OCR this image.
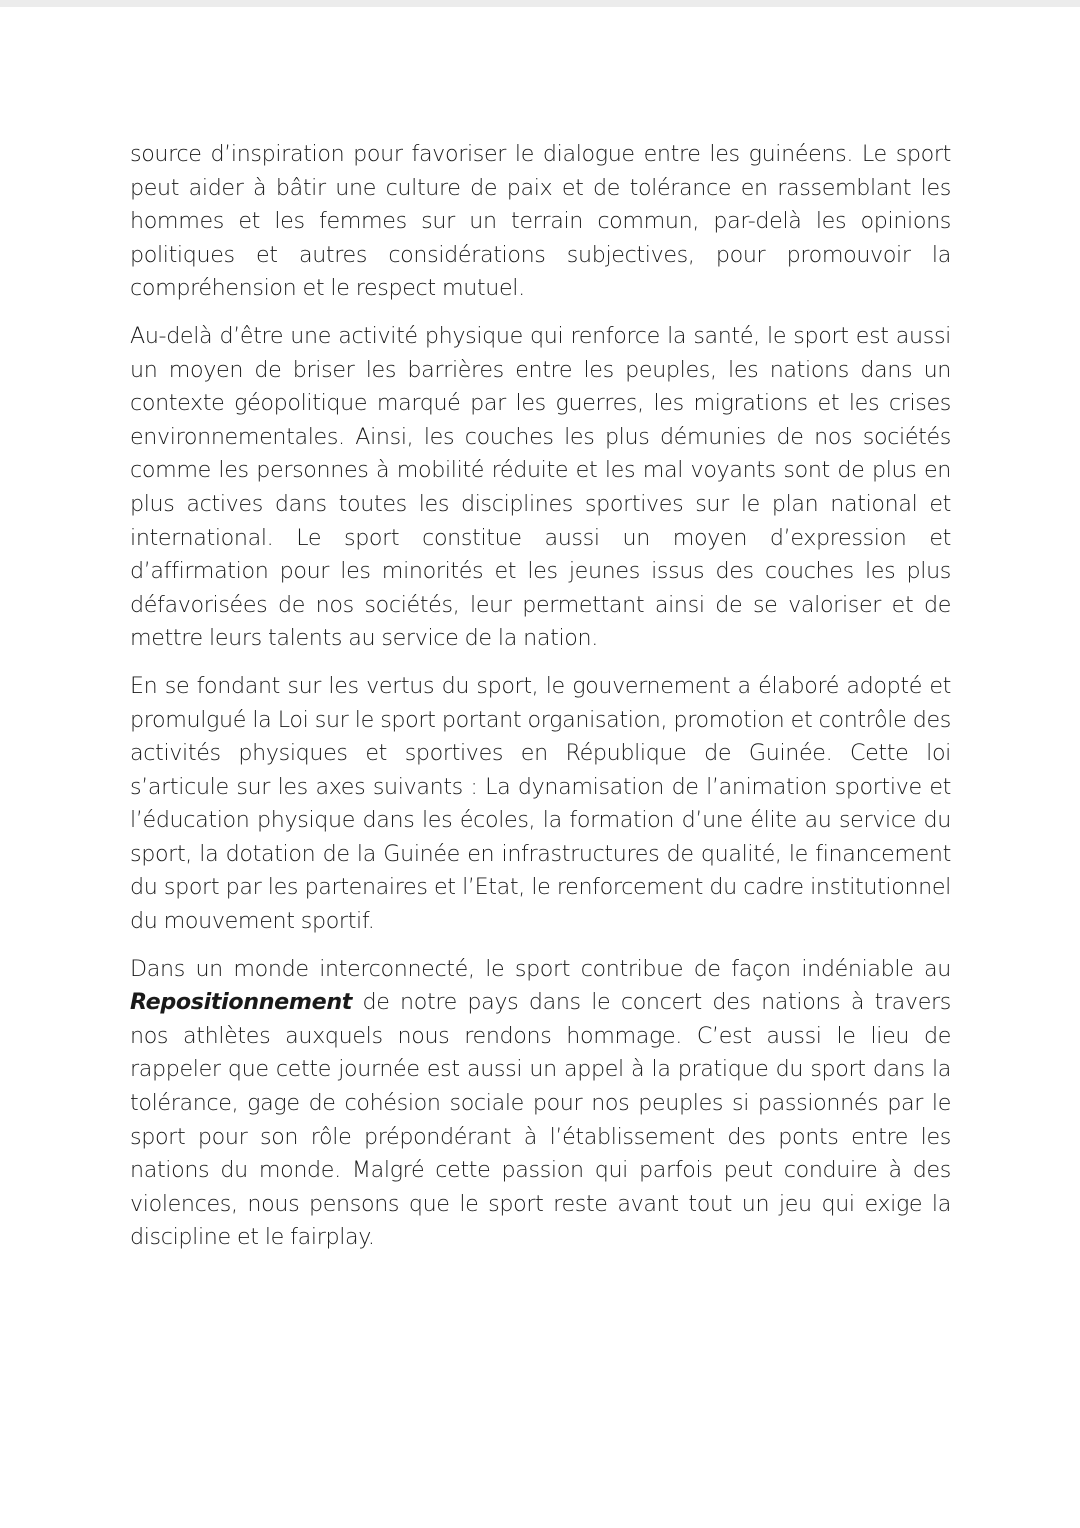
source d’inspiration pour favoriser le dialogue entre les guinéens. Le sport peut aider à bâtir une culture de paix et de tolérance en rassemblant les hommes et les femmes sur un terrain commun, par-delà les opinions politiques et autres considérations subjectives, pour promouvoir la compréhension et le respect mutuel.

Au-delà d’être une activité physique qui renforce la santé, le sport est aussi un moyen de briser les barrières entre les peuples, les nations dans un contexte géopolitique marqué par les guerres, les migrations et les crises environnementales. Ainsi, les couches les plus démunies de nos sociétés comme les personnes à mobilité réduite et les mal voyants sont de plus en plus actives dans toutes les disciplines sportives sur le plan national et international. Le sport constitue aussi un moyen d’expression et d’affirmation pour les minorités et les jeunes issus des couches les plus défavorisées de nos sociétés, leur permettant ainsi de se valoriser et de mettre leurs talents au service de la nation.

En se fondant sur les vertus du sport, le gouvernement a élaboré adopté et promulgué la Loi sur le sport portant organisation, promotion et contrôle des activités physiques et sportives en République de Guinée. Cette loi s’articule sur les axes suivants : La dynamisation de l’animation sportive et l’éducation physique dans les écoles, la formation d’une élite au service du sport, la dotation de la Guinée en infrastructures de qualité, le financement du sport par les partenaires et l’Etat, le renforcement du cadre institutionnel du mouvement sportif.

Dans un monde interconnecté, le sport contribue de façon indéniable au Repositionnement de notre pays dans le concert des nations à travers nos athlètes auxquels nous rendons hommage. C’est aussi le lieu de rappeler que cette journée est aussi un appel à la pratique du sport dans la tolérance, gage de cohésion sociale pour nos peuples si passionnés par le sport pour son rôle prépondérant à l’établissement des ponts entre les nations du monde. Malgré cette passion qui parfois peut conduire à des violences, nous pensons que le sport reste avant tout un jeu qui exige la discipline et le fairplay.
